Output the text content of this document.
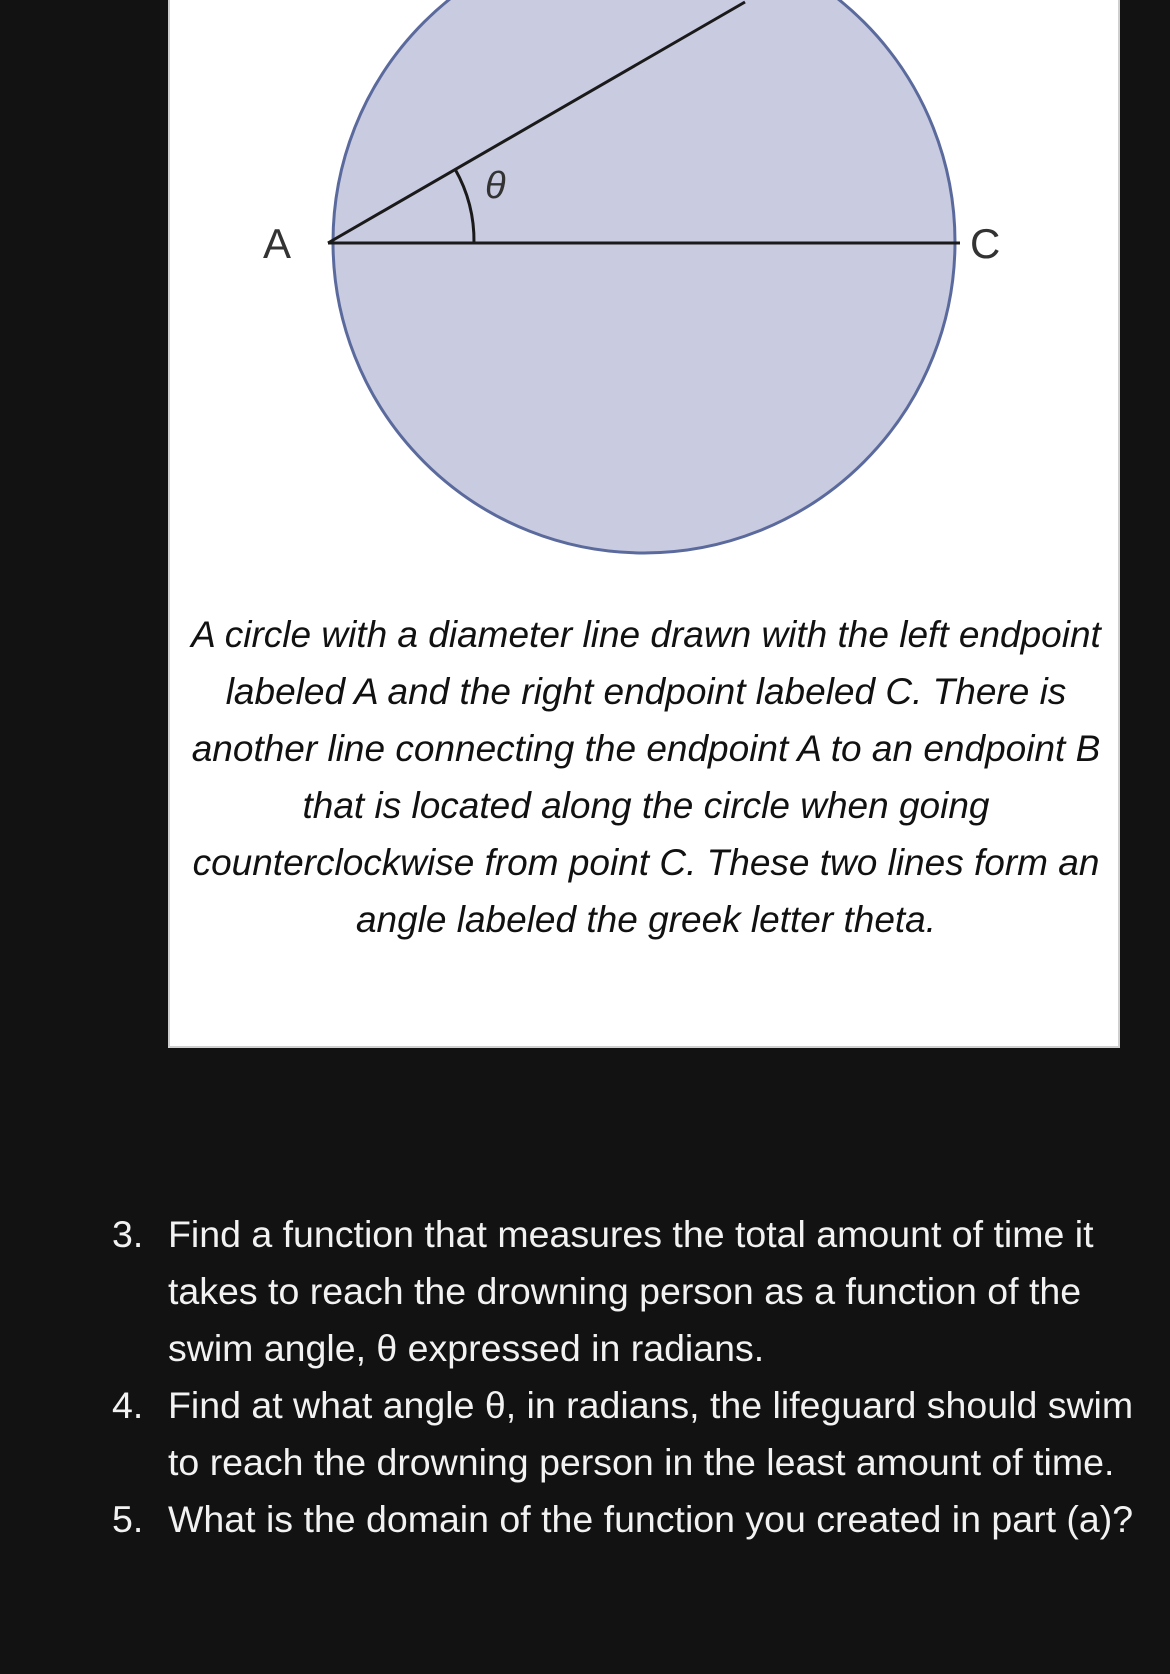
A	C
θ

A circle with a diameter line drawn with the left endpoint labeled A and the right endpoint labeled C. There is another line connecting the endpoint A to an endpoint B that is located along the circle when going counterclockwise from point C. These two lines form an angle labeled the greek letter theta.

3. Find a function that measures the total amount of time it takes to reach the drowning person as a function of the swim angle, θ expressed in radians.
4. Find at what angle θ, in radians, the lifeguard should swim to reach the drowning person in the least amount of time.
5. What is the domain of the function you created in part (a)?
